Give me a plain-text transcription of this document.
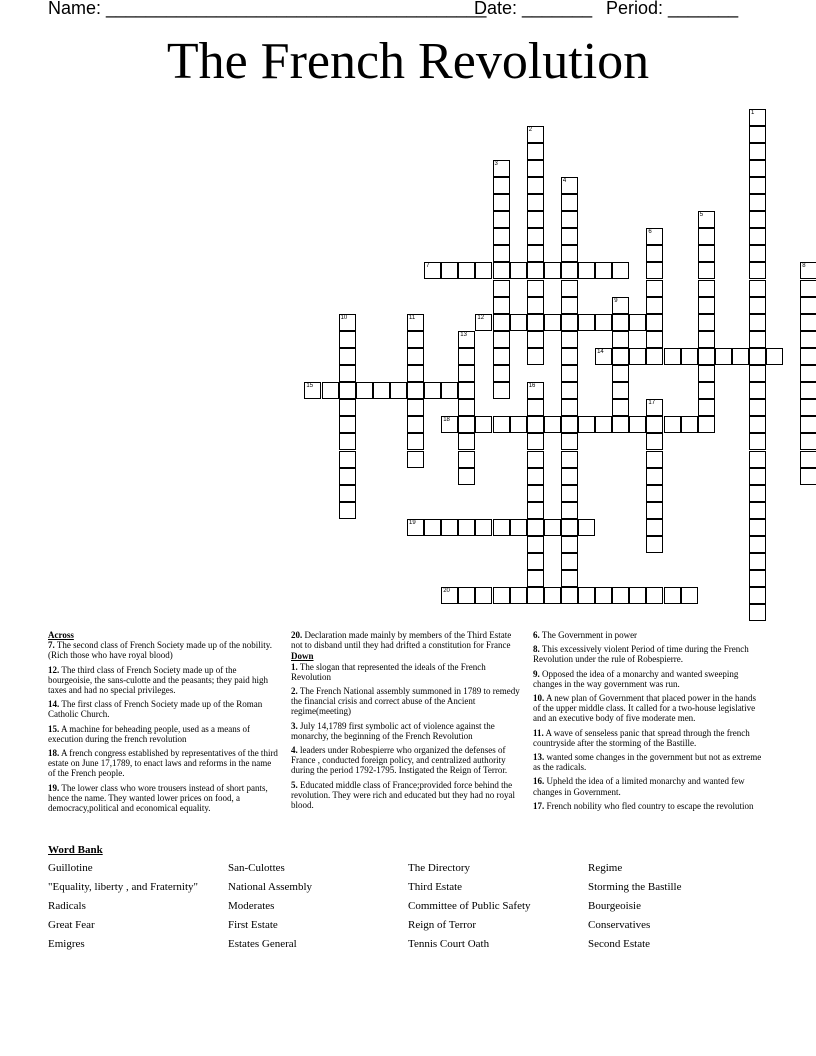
Name: ______________________________________
Date: _______ Period: _______
The French Revolution
1
2
3
4
5
6
7	8
9
10	11	12
13
14
15	16
17
18
19
20
Across
7. The second class of French Society made up of the nobility.(Rich those who have royal blood)
12. The third class of French Society made up of the bourgeoisie, the sans-culotte and the peasants; they paid high taxes and had no special privileges.
14. The first class of French Society made up of the Roman Catholic Church.
15. A machine for beheading people, used as a means of execution during the french revolution
18. A french congress established by representatives of the third estate on June 17,1789, to enact laws and reforms in the name of the French people.
19. The lower class who wore trousers instead of short pants, hence the name. They wanted lower prices on food, a democracy,political and economical equality.
20. Declaration made mainly by members of the Third Estate not to disband until they had drifted a constitution for France
Down
1. The slogan that represented the ideals of the French Revolution
2. The French National assembly summoned in 1789 to remedy the financial crisis and correct abuse of the Ancient regime(meeting)
3. July 14,1789 first symbolic act of violence against the monarchy, the beginning of the French Revolution
4. leaders under Robespierre who organized the defenses of France , conducted foreign policy, and centralized authority during the period 1792-1795. Instigated the Reign of Terror.
5. Educated middle class of France;provided force behind the revolution. They were rich and educated but they had no royal blood.
6. The Government in power
8. This excessively violent Period of time during the French Revolution under the rule of Robespierre.
9. Opposed the idea of a monarchy and wanted sweeping changes in the way government was run.
10. A new plan of Government that placed power in the hands of the upper middle class. It called for a two-house legislative and an executive body of five moderate men.
11. A wave of senseless panic that spread through the french countryside after the storming of the Bastille.
13. wanted some changes in the government but not as extreme as the radicals.
16. Upheld the idea of a limited monarchy and wanted few changes in Government.
17. French nobility who fled country to escape the revolution
Word Bank
Guillotine	San-Culottes	The Directory	Regime
"Equality, liberty , and Fraternity"	National Assembly	Third Estate	Storming the Bastille
Radicals	Moderates	Committee of Public Safety	Bourgeoisie
Great Fear	First Estate	Reign of Terror	Conservatives
Emigres	Estates General	Tennis Court Oath	Second Estate
